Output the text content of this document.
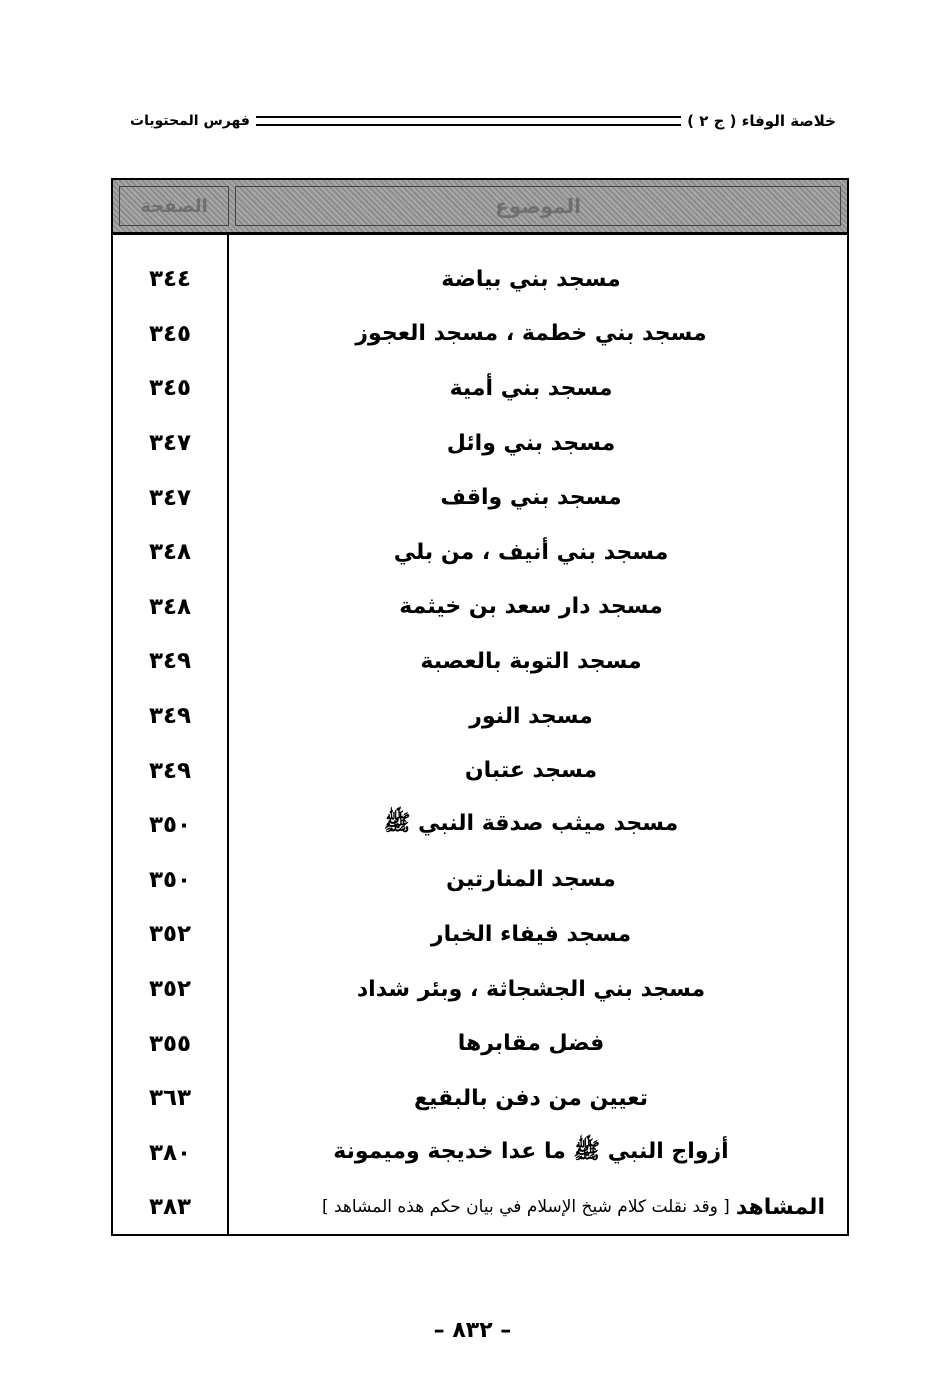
خلاصة الوفاء ( ج ٢ )
فهرس المحتويات
الموضوع
الصفحة
مسجد بني بياضة
٣٤٤
مسجد بني خطمة ، مسجد العجوز
٣٤٥
مسجد بني أمية
٣٤٥
مسجد بني وائل
٣٤٧
مسجد بني واقف
٣٤٧
مسجد بني أنيف ، من بلي
٣٤٨
مسجد دار سعد بن خيثمة
٣٤٨
مسجد التوبة بالعصبة
٣٤٩
مسجد النور
٣٤٩
مسجد عتبان
٣٤٩
مسجد ميثب صدقة النبي ﷺ
٣٥٠
مسجد المنارتين
٣٥٠
مسجد فيفاء الخبار
٣٥٢
مسجد بني الجشجاثة ، وبئر شداد
٣٥٢
فضل مقابرها
٣٥٥
تعيين من دفن بالبقيع
٣٦٣
أزواج النبي ﷺ ما عدا خديجة وميمونة
٣٨٠
المشاهد
[ وقد نقلت كلام شيخ الإسلام في بيان حكم هذه المشاهد ]
٣٨٣
– ٨٣٢ –
